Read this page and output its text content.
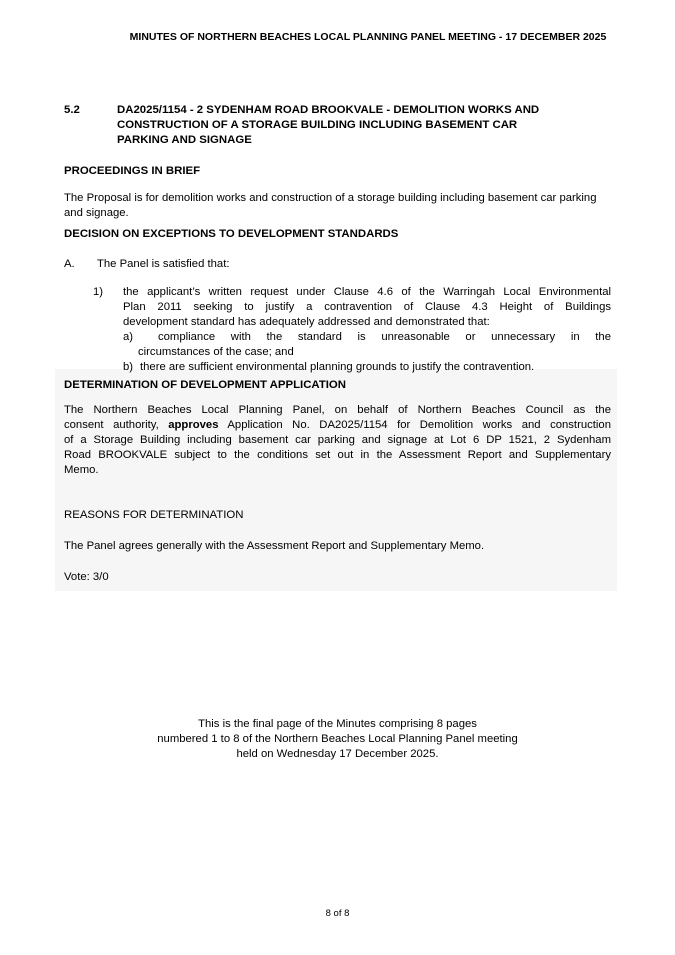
MINUTES OF NORTHERN BEACHES LOCAL PLANNING PANEL MEETING - 17 DECEMBER 2025
5.2	DA2025/1154 - 2 SYDENHAM ROAD BROOKVALE - DEMOLITION WORKS AND
CONSTRUCTION OF A STORAGE BUILDING INCLUDING BASEMENT CAR
PARKING AND SIGNAGE
PROCEEDINGS IN BRIEF
The Proposal is for demolition works and construction of a storage building including basement car parking and signage.
DECISION ON EXCEPTIONS TO DEVELOPMENT STANDARDS
A. The Panel is satisfied that:
1) the applicant’s written request under Clause 4.6 of the Warringah Local Environmental
Plan 2011 seeking to justify a contravention of Clause 4.3 Height of Buildings
development standard has adequately addressed and demonstrated that:
a) compliance with the standard is unreasonable or unnecessary in the
circumstances of the case; and
b) there are sufficient environmental planning grounds to justify the contravention.
DETERMINATION OF DEVELOPMENT APPLICATION
The Northern Beaches Local Planning Panel, on behalf of Northern Beaches Council as the
consent authority, approves Application No. DA2025/1154 for Demolition works and construction
of a Storage Building including basement car parking and signage at Lot 6 DP 1521, 2 Sydenham
Road BROOKVALE subject to the conditions set out in the Assessment Report and Supplementary
Memo.
REASONS FOR DETERMINATION
The Panel agrees generally with the Assessment Report and Supplementary Memo.
Vote: 3/0
This is the final page of the Minutes comprising 8 pages
numbered 1 to 8 of the Northern Beaches Local Planning Panel meeting
held on Wednesday 17 December 2025.
8 of 8
